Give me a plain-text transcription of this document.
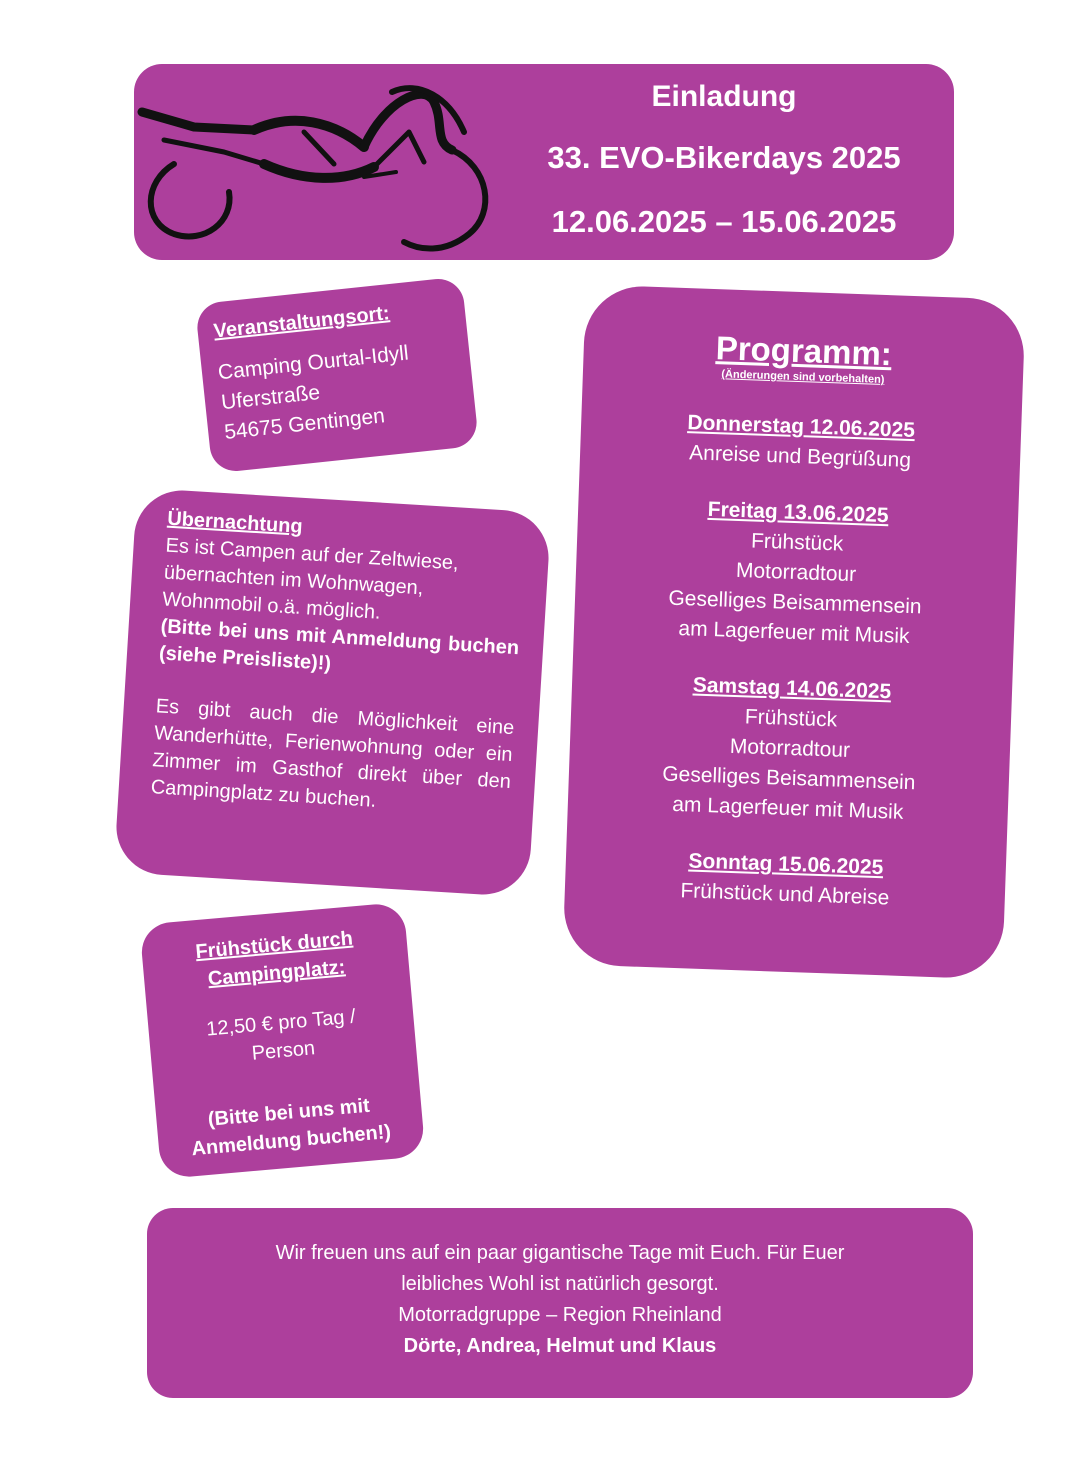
Einladung
33. EVO-Bikerdays 2025
12.06.2025 – 15.06.2025
Veranstaltungsort:
Camping Ourtal-Idyll
Uferstraße
54675 Gentingen
Übernachtung
Es ist Campen auf der Zeltwiese, übernachten im Wohnwagen, Wohnmobil o.ä. möglich.
(Bitte bei uns mit Anmeldung buchen (siehe Preisliste)!)
Es gibt auch die Möglichkeit eine Wanderhütte, Ferienwohnung oder ein Zimmer im Gasthof direkt über den Campingplatz zu buchen.
Frühstück durch
Campingplatz:
12,50 € pro Tag /
Person
(Bitte bei uns mit
Anmeldung buchen!)
Programm:
(Änderungen sind vorbehalten)
Donnerstag 12.06.2025
Anreise und Begrüßung
Freitag 13.06.2025
Frühstück
Motorradtour
Geselliges Beisammensein
am Lagerfeuer mit Musik
Samstag 14.06.2025
Frühstück
Motorradtour
Geselliges Beisammensein
am Lagerfeuer mit Musik
Sonntag 15.06.2025
Frühstück und Abreise
Wir freuen uns auf ein paar gigantische Tage mit Euch. Für Euer
leibliches Wohl ist natürlich gesorgt.
Motorradgruppe – Region Rheinland
Dörte, Andrea, Helmut und Klaus
